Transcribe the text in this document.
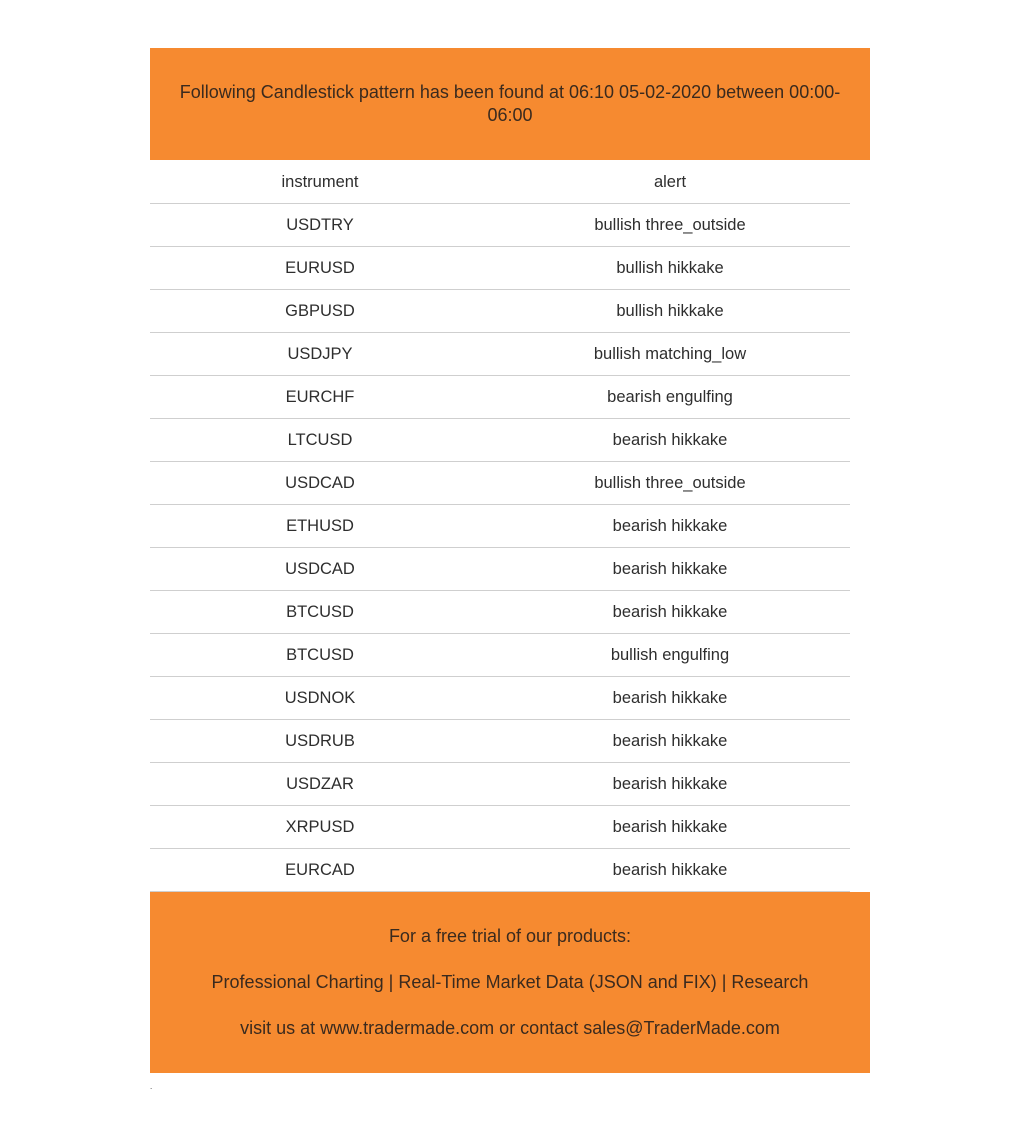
Following Candlestick pattern has been found at 06:10 05-02-2020 between 00:00-06:00
instrument	alert
USDTRY	bullish three_outside
EURUSD	bullish hikkake
GBPUSD	bullish hikkake
USDJPY	bullish matching_low
EURCHF	bearish engulfing
LTCUSD	bearish hikkake
USDCAD	bullish three_outside
ETHUSD	bearish hikkake
USDCAD	bearish hikkake
BTCUSD	bearish hikkake
BTCUSD	bullish engulfing
USDNOK	bearish hikkake
USDRUB	bearish hikkake
USDZAR	bearish hikkake
XRPUSD	bearish hikkake
EURCAD	bearish hikkake

For a free trial of our products:

Professional Charting | Real-Time Market Data (JSON and FIX) | Research

visit us at www.tradermade.com or contact sales@TraderMade.com

.
